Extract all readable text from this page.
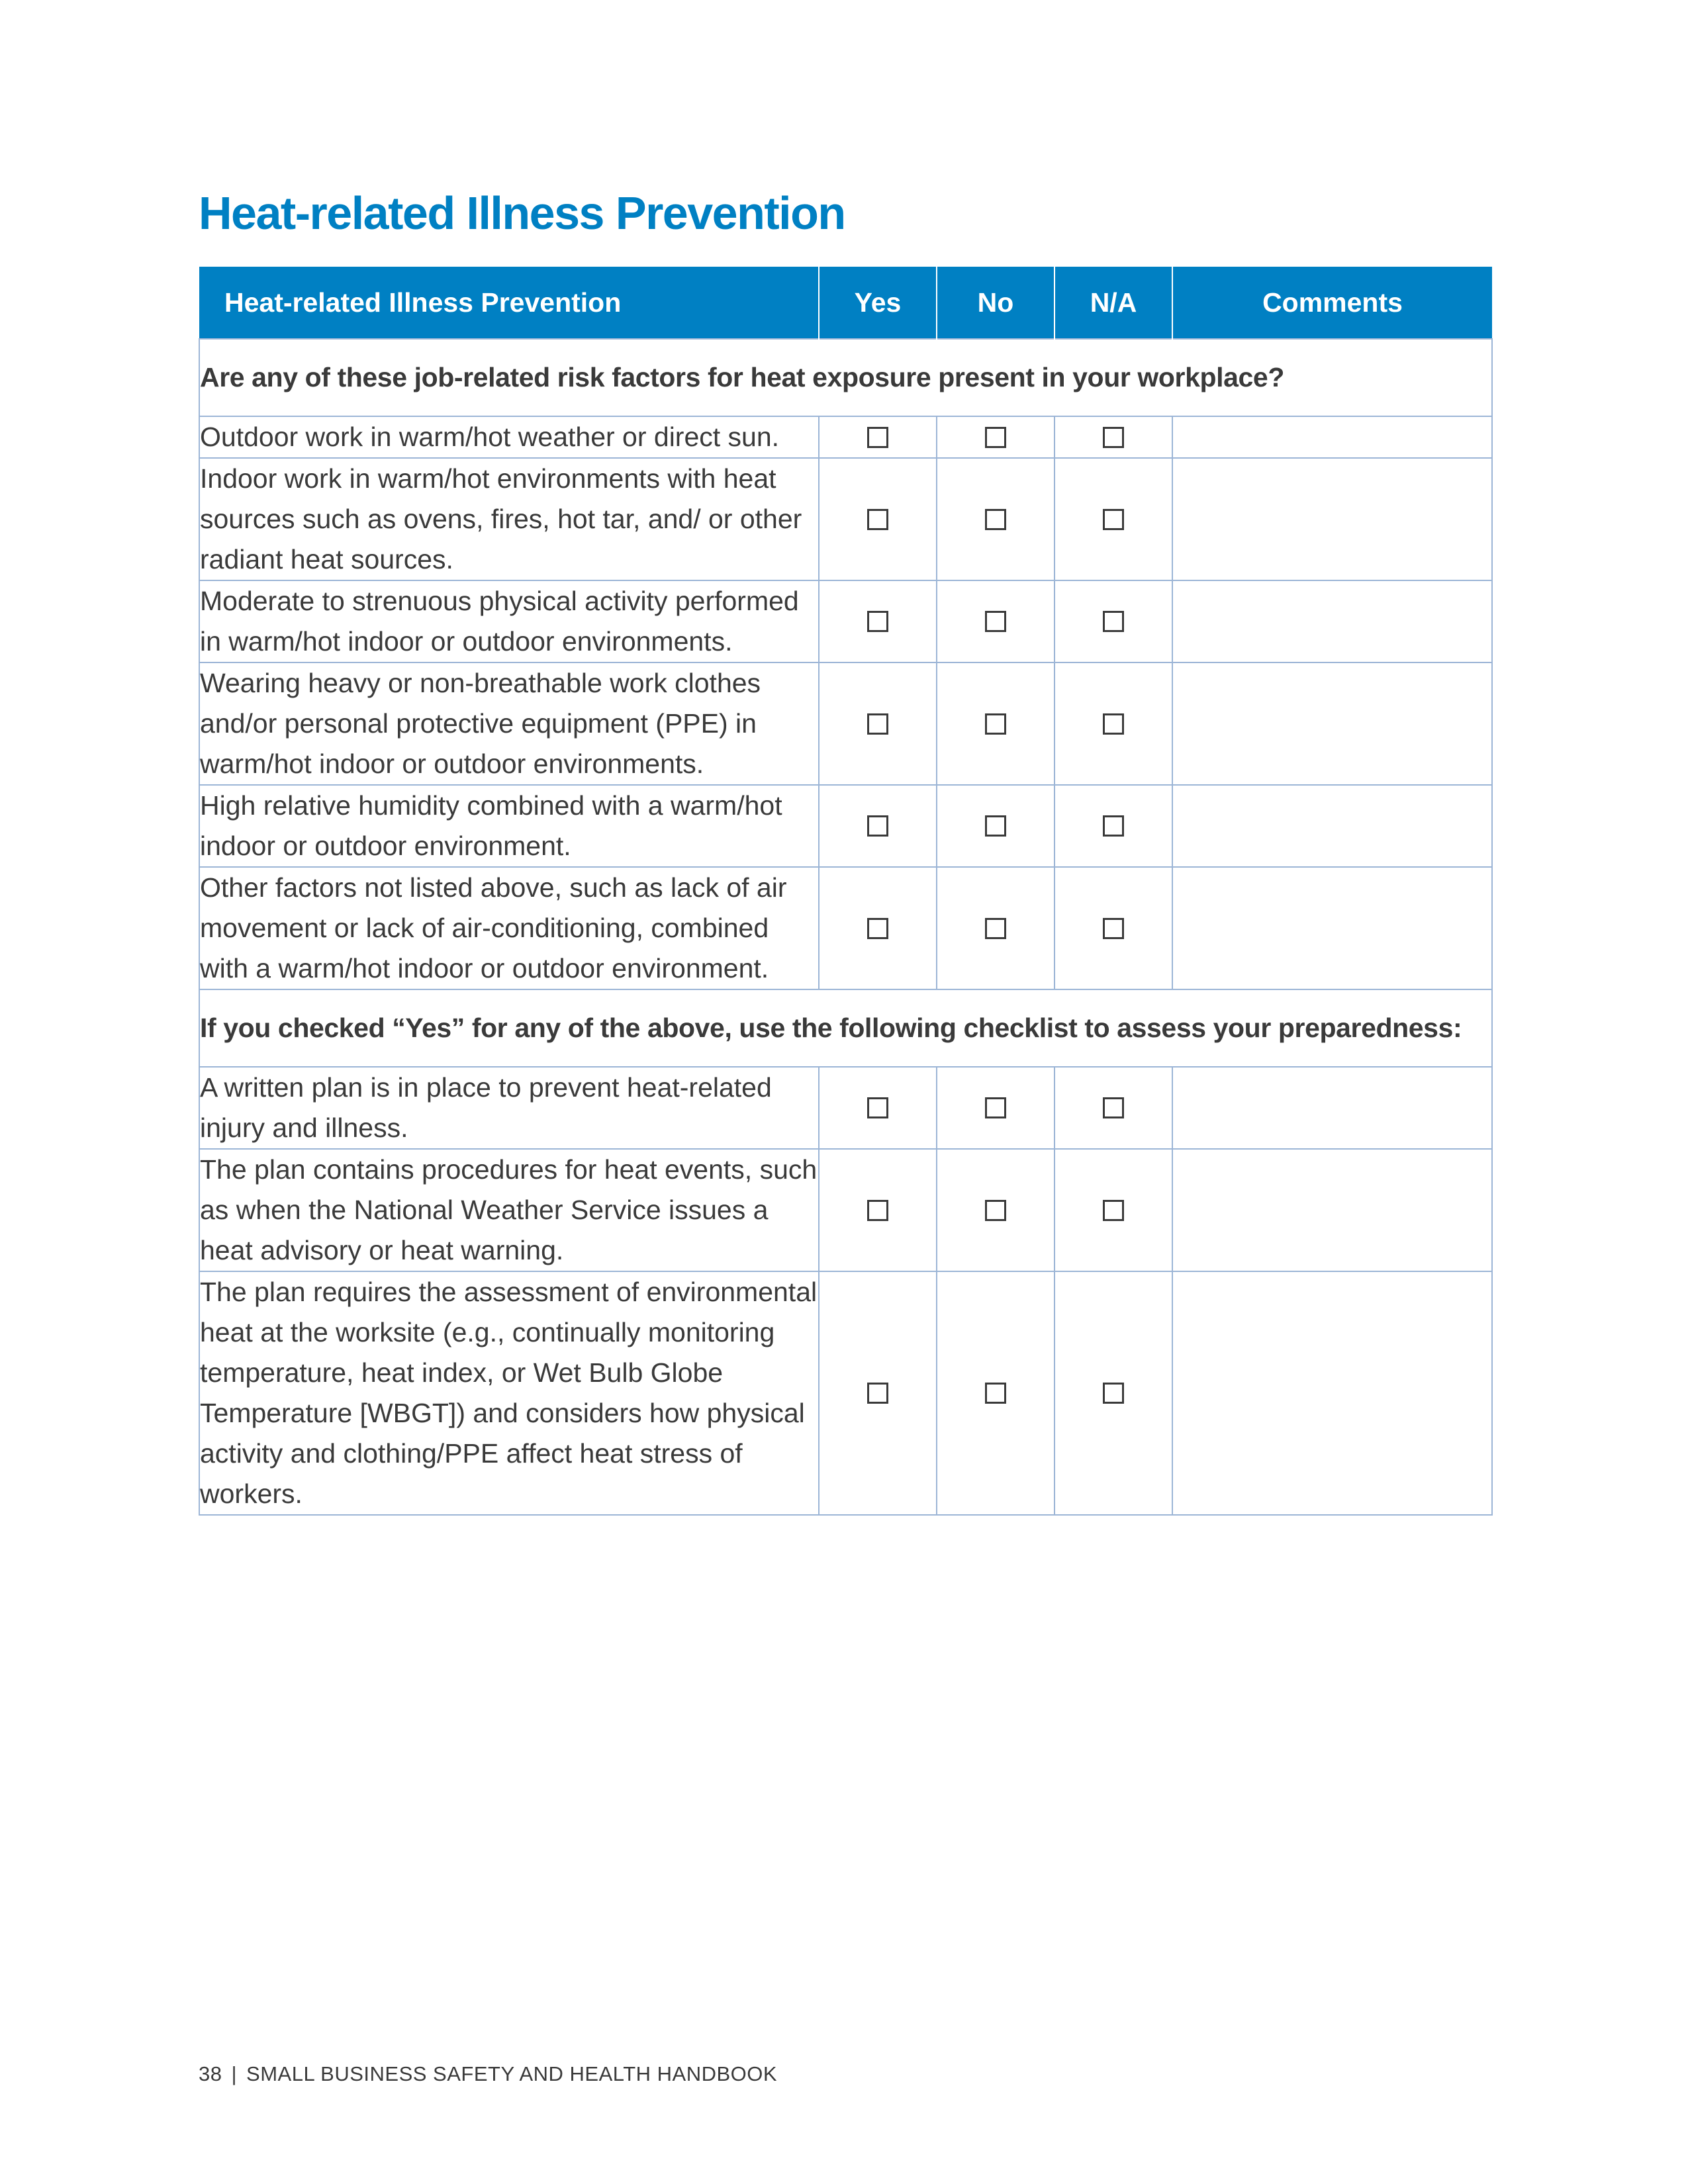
Heat-related Illness Prevention
Heat-related Illness Prevention	Yes	No	N/A	Comments
Are any of these job-related risk factors for heat exposure present in your workplace?				
Outdoor work in warm/hot weather or direct sun.				
Indoor work in warm/hot environments with heat sources such as ovens, fires, hot tar, and/ or other radiant heat sources.				
Moderate to strenuous physical activity performed in warm/hot indoor or outdoor environments.				
Wearing heavy or non-breathable work clothes and/or personal protective equipment (PPE) in warm/hot indoor or outdoor environments.				
High relative humidity combined with a warm/hot indoor or outdoor environment.				
Other factors not listed above, such as lack of air movement or lack of air-conditioning, combined with a warm/hot indoor or outdoor environment.				
If you checked “Yes” for any of the above, use the following checklist to assess your preparedness:				
A written plan is in place to prevent heat-related injury and illness.				
The plan contains procedures for heat events, such as when the National Weather Service issues a heat advisory or heat warning.				
The plan requires the assessment of environmental heat at the worksite (e.g., continually monitoring temperature, heat index, or Wet Bulb Globe Temperature [WBGT]) and considers how physical activity and clothing/PPE affect heat stress of workers.				
38 | SMALL BUSINESS SAFETY AND HEALTH HANDBOOK
